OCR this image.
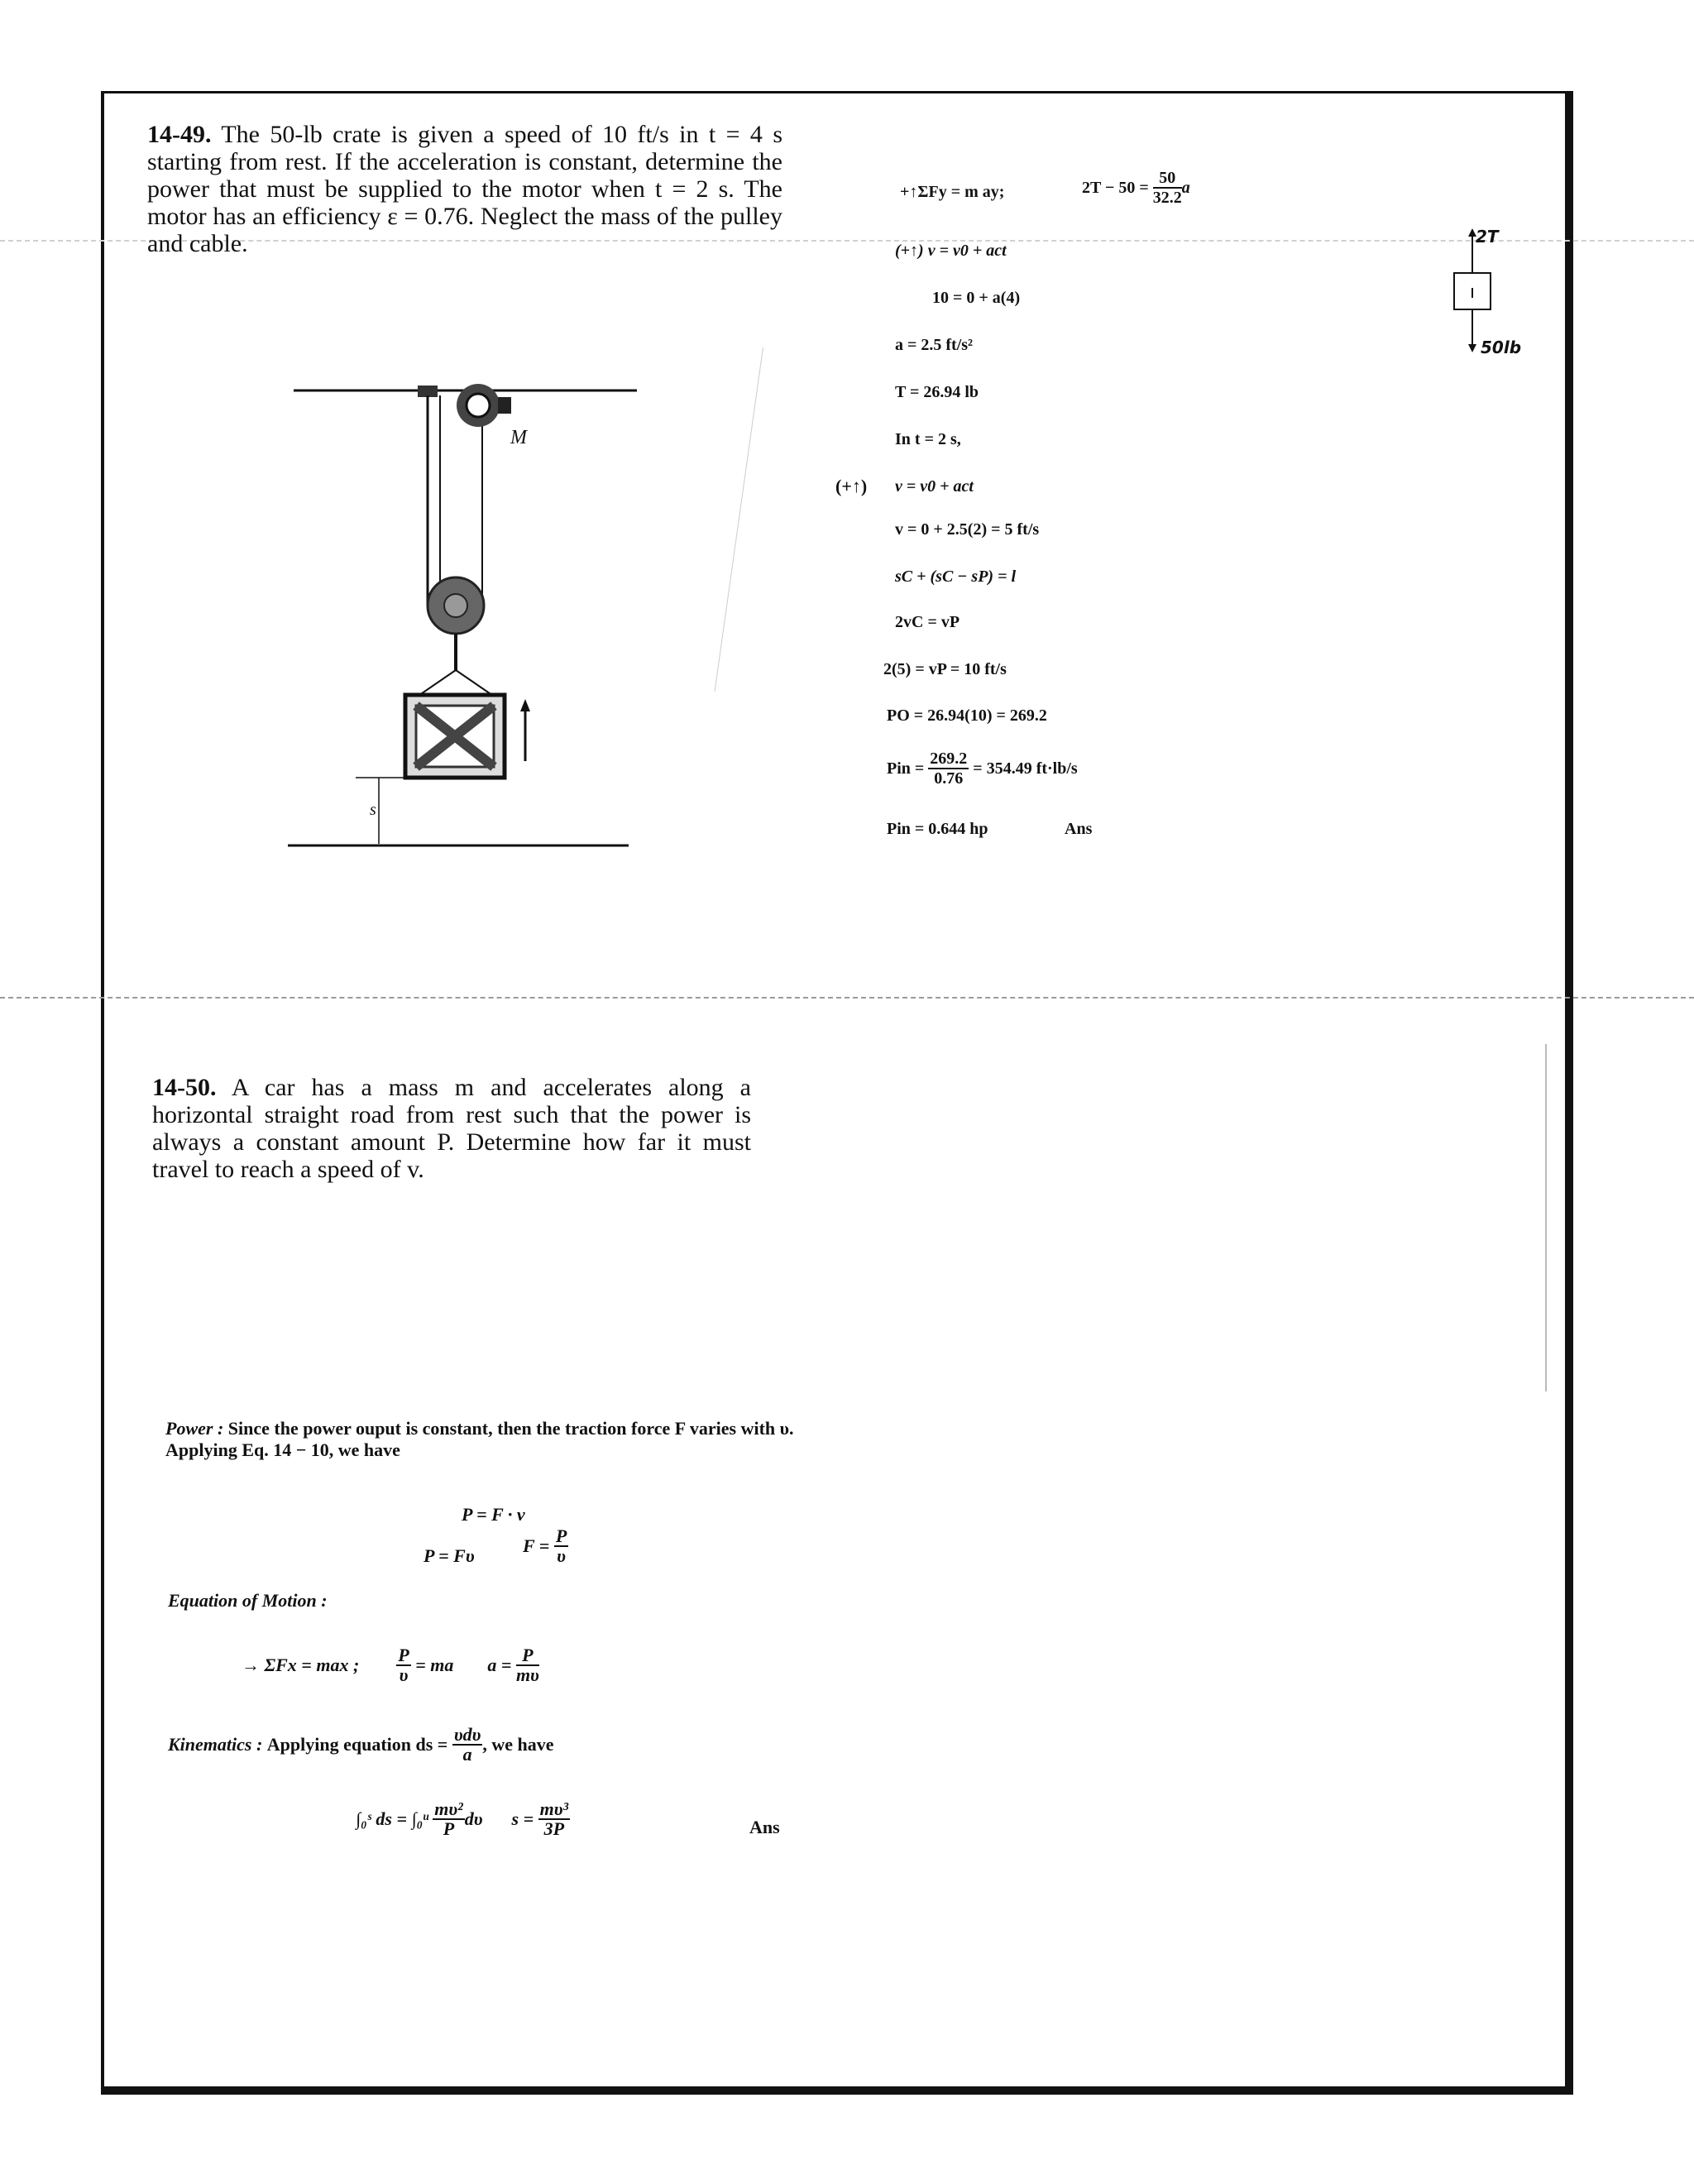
14-49. The 50-lb crate is given a speed of 10 ft/s in t = 4 s starting from rest. If the acceleration is constant, determine the power that must be supplied to the motor when t = 2 s. The motor has an efficiency ε = 0.76. Neglect the mass of the pulley and cable.
M
s
2T
50lb
+↑ΣFy = m ay;	$2T - 50 = \frac{50}{32.2}$ a
(+↑) v = v0 + act
10 = 0 + a(4)
a = 2.5 ft/s²
T = 26.94 lb
In t = 2 s,
(+↑) v = v0 + act
v = 0 + 2.5(2) = 5 ft/s
sC + (sC − sP) = l
2vC = vP
2(5) = vP = 10 ft/s
PO = 26.94(10) = 269.2
Pin = $\frac{269.2}{0.76} = 354.49$ ft·lb/s
Pin = 0.644 hp	Ans
14-50. A car has a mass m and accelerates along a horizontal straight road from rest such that the power is always a constant amount P. Determine how far it must travel to reach a speed of v.
Power : Since the power ouput is constant, then the traction force F varies with υ. Applying Eq. 14 − 10, we have
P = F · v
P = Fυ	$F = \frac{P}{\upsilon}$
Equation of Motion :
→ ΣFx = max ; $\frac{P}{\upsilon}$ = ma $a = \frac{P}{m\upsilon}$
Kinematics : Applying equation ds = $\frac{\text{υdυ}}{a}$ , we have
∫₀ˢ ds = ∫₀ᵘ $\frac{\text{mυ²}}{P}$ dυ $s = \frac{\text{mυ³}}{3P}$	Ans
